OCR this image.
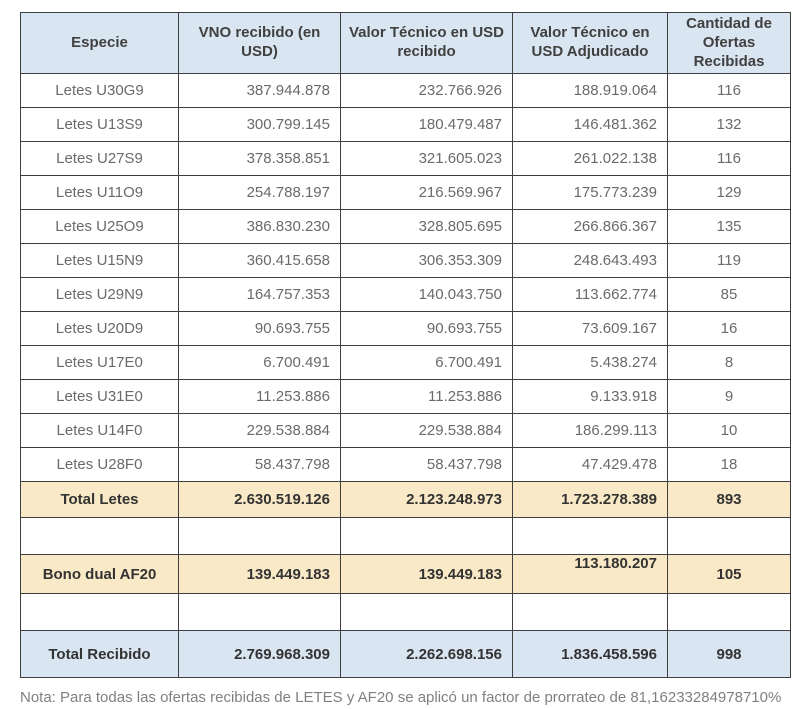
Especie	VNO recibido (en USD)	Valor Técnico en USD recibido	Valor Técnico en USD Adjudicado	Cantidad de Ofertas Recibidas
Letes U30G9	387.944.878	232.766.926	188.919.064	116
Letes U13S9	300.799.145	180.479.487	146.481.362	132
Letes U27S9	378.358.851	321.605.023	261.022.138	116
Letes U11O9	254.788.197	216.569.967	175.773.239	129
Letes U25O9	386.830.230	328.805.695	266.866.367	135
Letes U15N9	360.415.658	306.353.309	248.643.493	119
Letes U29N9	164.757.353	140.043.750	113.662.774	85
Letes U20D9	90.693.755	90.693.755	73.609.167	16
Letes U17E0	6.700.491	6.700.491	5.438.274	8
Letes U31E0	11.253.886	11.253.886	9.133.918	9
Letes U14F0	229.538.884	229.538.884	186.299.113	10
Letes U28F0	58.437.798	58.437.798	47.429.478	18
Total Letes	2.630.519.126	2.123.248.973	1.723.278.389	893

Bono dual AF20	139.449.183	139.449.183	113.180.207	105

Total Recibido	2.769.968.309	2.262.698.156	1.836.458.596	998

Nota: Para todas las ofertas recibidas de LETES y AF20 se aplicó un factor de prorrateo de 81,16233284978710%
